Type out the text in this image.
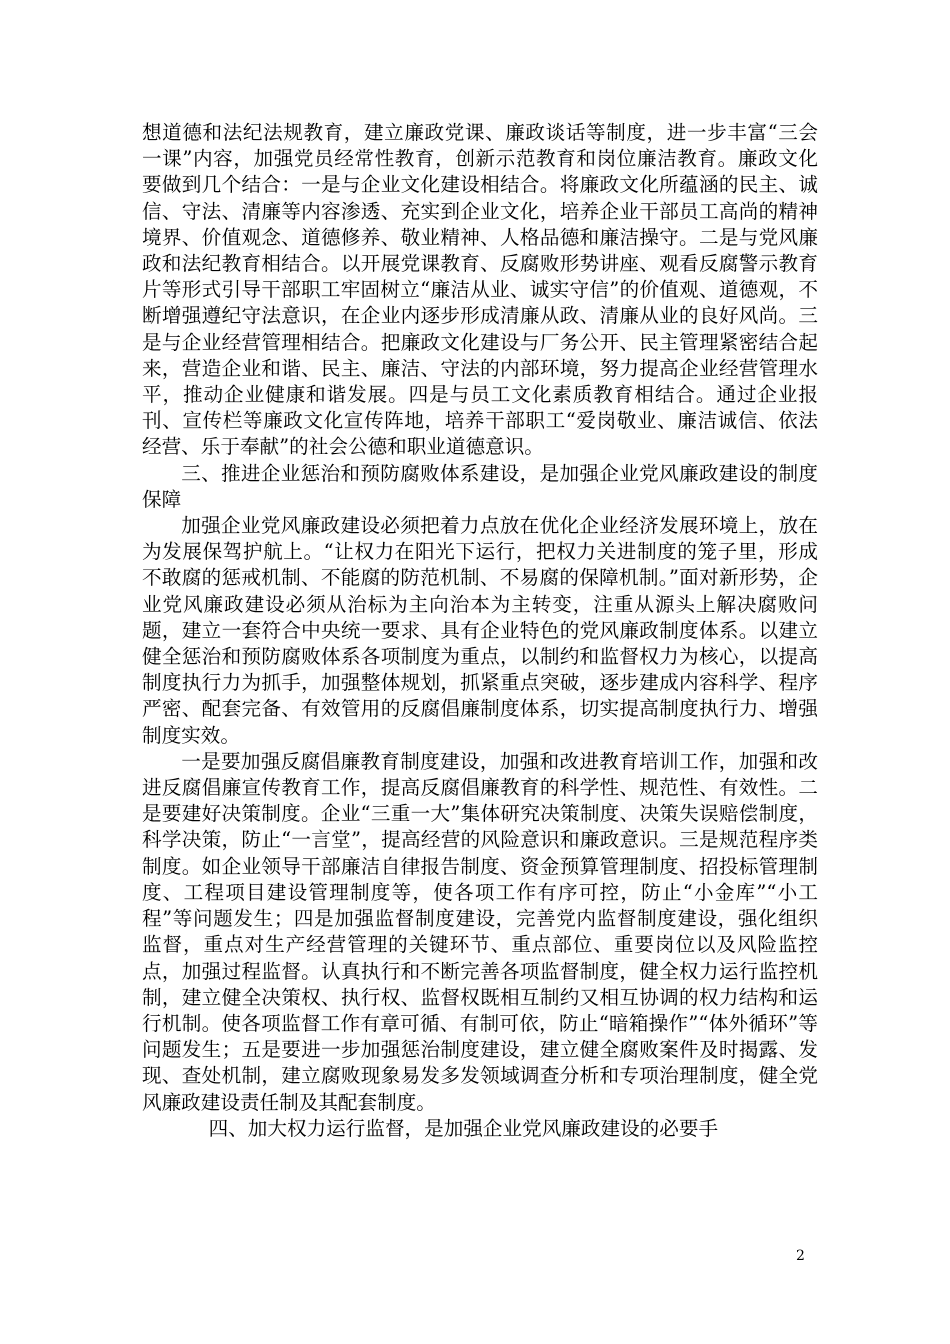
想道德和法纪法规教育，建立廉政党课、廉政谈话等制度，进一步丰富“三会一课”内容，加强党员经常性教育，创新示范教育和岗位廉洁教育。廉政文化要做到几个结合：一是与企业文化建设相结合。将廉政文化所蕴涵的民主、诚信、守法、清廉等内容渗透、充实到企业文化，培养企业干部员工高尚的精神境界、价值观念、道德修养、敬业精神、人格品德和廉洁操守。二是与党风廉政和法纪教育相结合。以开展党课教育、反腐败形势讲座、观看反腐警示教育片等形式引导干部职工牢固树立“廉洁从业、诚实守信”的价值观、道德观，不断增强遵纪守法意识，在企业内逐步形成清廉从政、清廉从业的良好风尚。三是与企业经营管理相结合。把廉政文化建设与厂务公开、民主管理紧密结合起来，营造企业和谐、民主、廉洁、守法的内部环境，努力提高企业经营管理水平，推动企业健康和谐发展。四是与员工文化素质教育相结合。通过企业报刊、宣传栏等廉政文化宣传阵地，培养干部职工“爱岗敬业、廉洁诚信、依法经营、乐于奉献”的社会公德和职业道德意识。

三、推进企业惩治和预防腐败体系建设，是加强企业党风廉政建设的制度保障

加强企业党风廉政建设必须把着力点放在优化企业经济发展环境上，放在为发展保驾护航上。“让权力在阳光下运行，把权力关进制度的笼子里，形成不敢腐的惩戒机制、不能腐的防范机制、不易腐的保障机制。”面对新形势，企业党风廉政建设必须从治标为主向治本为主转变，注重从源头上解决腐败问题，建立一套符合中央统一要求、具有企业特色的党风廉政制度体系。以建立健全惩治和预防腐败体系各项制度为重点，以制约和监督权力为核心，以提高制度执行力为抓手，加强整体规划，抓紧重点突破，逐步建成内容科学、程序严密、配套完备、有效管用的反腐倡廉制度体系，切实提高制度执行力、增强制度实效。

一是要加强反腐倡廉教育制度建设，加强和改进教育培训工作，加强和改进反腐倡廉宣传教育工作，提高反腐倡廉教育的科学性、规范性、有效性。二是要建好决策制度。企业“三重一大”集体研究决策制度、决策失误赔偿制度，科学决策，防止“一言堂”，提高经营的风险意识和廉政意识。三是规范程序类制度。如企业领导干部廉洁自律报告制度、资金预算管理制度、招投标管理制度、工程项目建设管理制度等，使各项工作有序可控，防止“小金库”“小工程”等问题发生；四是加强监督制度建设，完善党内监督制度建设，强化组织监督，重点对生产经营管理的关键环节、重点部位、重要岗位以及风险监控点，加强过程监督。认真执行和不断完善各项监督制度，健全权力运行监控机制，建立健全决策权、执行权、监督权既相互制约又相互协调的权力结构和运行机制。使各项监督工作有章可循、有制可依，防止“暗箱操作”“体外循环”等问题发生；五是要进一步加强惩治制度建设，建立健全腐败案件及时揭露、发现、查处机制，建立腐败现象易发多发领域调查分析和专项治理制度，健全党风廉政建设责任制及其配套制度。

四、加大权力运行监督，是加强企业党风廉政建设的必要手

2
